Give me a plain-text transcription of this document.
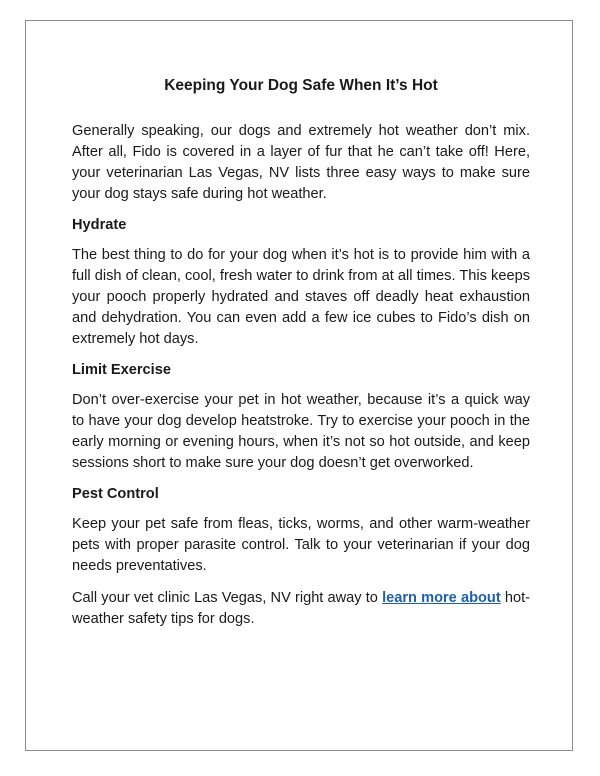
Keeping Your Dog Safe When It’s Hot

Generally speaking, our dogs and extremely hot weather don’t mix. After all, Fido is covered in a layer of fur that he can’t take off! Here, your veterinarian Las Vegas, NV lists three easy ways to make sure your dog stays safe during hot weather.

Hydrate

The best thing to do for your dog when it’s hot is to provide him with a full dish of clean, cool, fresh water to drink from at all times. This keeps your pooch properly hydrated and staves off deadly heat exhaustion and dehydration. You can even add a few ice cubes to Fido’s dish on extremely hot days.

Limit Exercise

Don’t over-exercise your pet in hot weather, because it’s a quick way to have your dog develop heatstroke. Try to exercise your pooch in the early morning or evening hours, when it’s not so hot outside, and keep sessions short to make sure your dog doesn’t get overworked.

Pest Control

Keep your pet safe from fleas, ticks, worms, and other warm-weather pets with proper parasite control. Talk to your veterinarian if your dog needs preventatives.

Call your vet clinic Las Vegas, NV right away to learn more about hot-weather safety tips for dogs.
